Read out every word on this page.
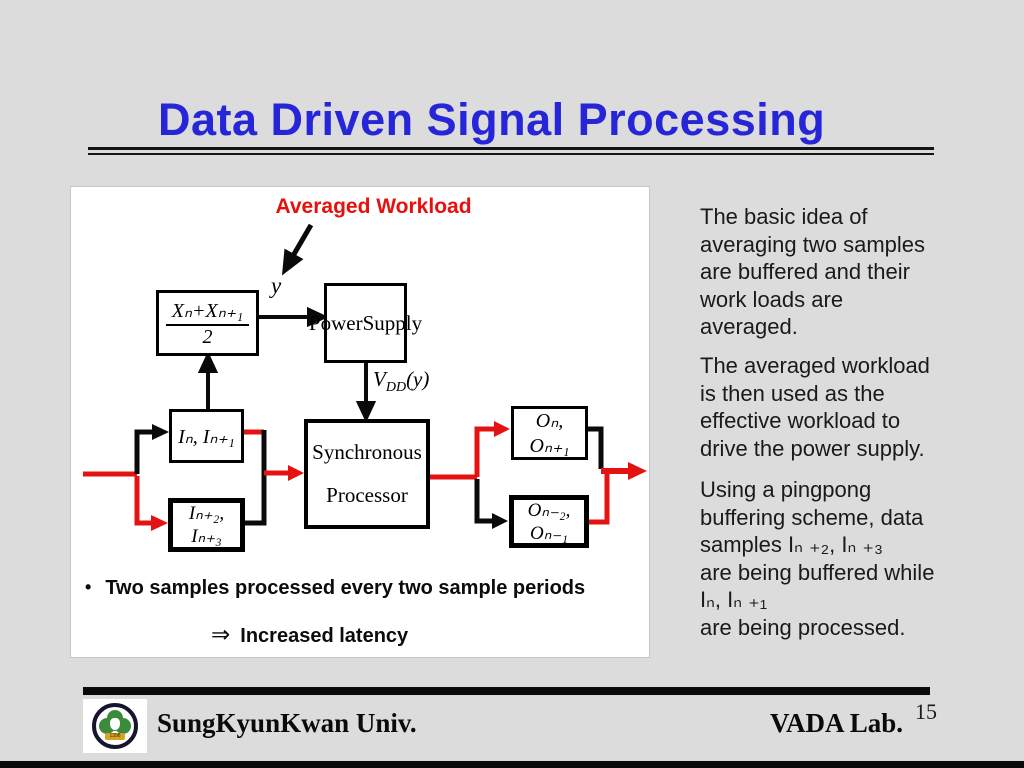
Data Driven Signal Processing
Averaged Workload
y
$\frac{\text{Xₙ+Xₙ₊₁}}{2}$ Power Supply
$V_{DD}(y)$
Iₙ, Iₙ₊₁
Iₙ₊₂, Iₙ₊₃
Synchronous
Processor
Oₙ, Oₙ₊₁
Oₙ₋₂, Oₙ₋₁
• Two samples processed every two sample periods
⇒ Increased latency
The basic idea of
averaging two samples
are buffered and their
work loads are
averaged.
The averaged workload
is then used as the
effective workload to
drive the power supply.
Using a pingpong
buffering scheme, data
samples Iₙ ₊₂, Iₙ ₊₃
are being buffered while
Iₙ, Iₙ ₊₁
are being processed.
1398 SungKyunKwan Univ.	VADA Lab. 15
